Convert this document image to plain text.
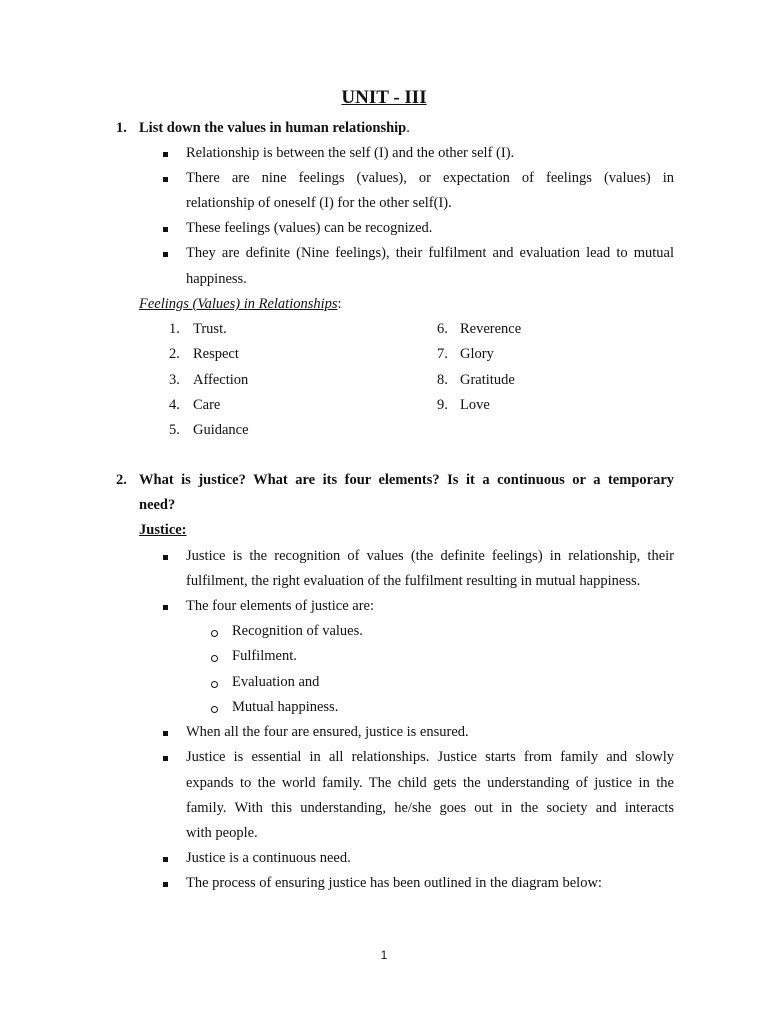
UNIT - III
1. List down the values in human relationship.
Relationship is between the self (I) and the other self (I).
There are nine feelings (values), or expectation of feelings (values) in
relationship of oneself (I) for the other self(I).
These feelings (values) can be recognized.
They are definite (Nine feelings), their fulfilment and evaluation lead to mutual
happiness.
Feelings (Values) in Relationships:
1. Trust.
2. Respect
3. Affection
4. Care
5. Guidance
6. Reverence
7. Glory
8. Gratitude
9. Love
2. What is justice? What are its four elements? Is it a continuous or a temporary
need?
Justice:
Justice is the recognition of values (the definite feelings) in relationship, their
fulfilment, the right evaluation of the fulfilment resulting in mutual happiness.
The four elements of justice are:
Recognition of values.
Fulfilment.
Evaluation and
Mutual happiness.
When all the four are ensured, justice is ensured.
Justice is essential in all relationships. Justice starts from family and slowly
expands to the world family. The child gets the understanding of justice in the
family. With this understanding, he/she goes out in the society and interacts
with people.
Justice is a continuous need.
The process of ensuring justice has been outlined in the diagram below:
1
